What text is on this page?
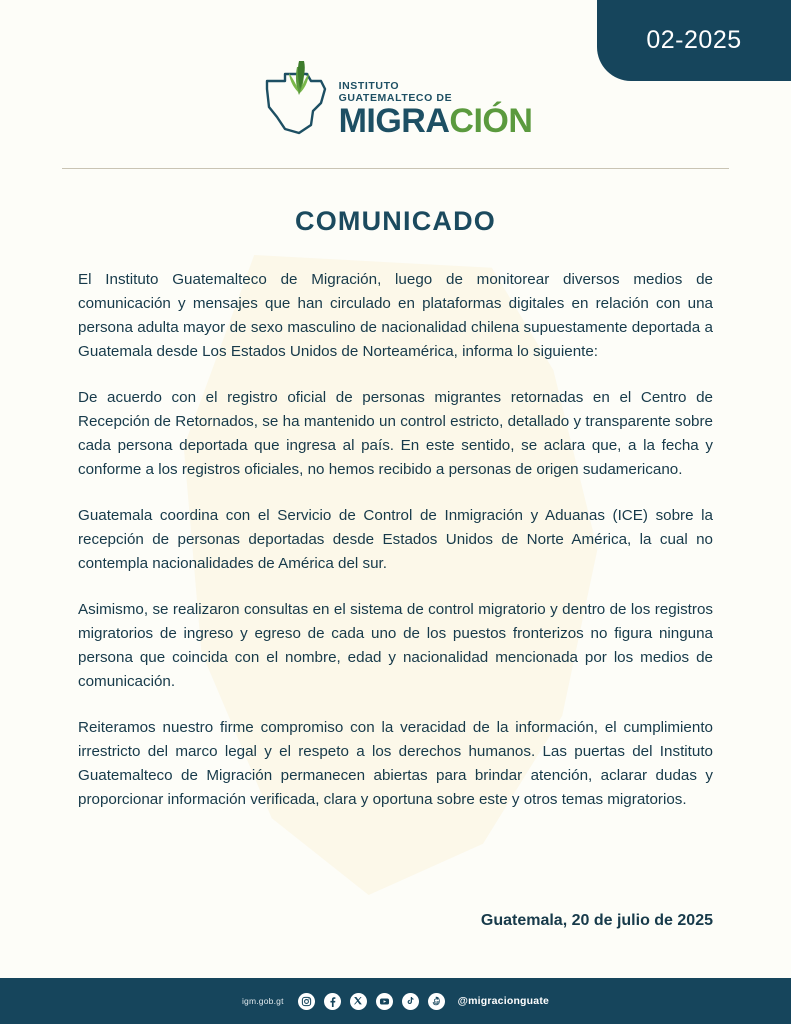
02-2025
INSTITUTO
GUATEMALTECO DE
MIGRACIÓN
COMUNICADO

El Instituto Guatemalteco de Migración, luego de monitorear diversos medios de comunicación y mensajes que han circulado en plataformas digitales en relación con una persona adulta mayor de sexo masculino de nacionalidad chilena supuestamente deportada a Guatemala desde Los Estados Unidos de Norteamérica, informa lo siguiente:

De acuerdo con el registro oficial de personas migrantes retornadas en el Centro de Recepción de Retornados, se ha mantenido un control estricto, detallado y transparente sobre cada persona deportada que ingresa al país. En este sentido, se aclara que, a la fecha y conforme a los registros oficiales, no hemos recibido a personas de origen sudamericano.

Guatemala coordina con el Servicio de Control de Inmigración y Aduanas (ICE) sobre la recepción de personas deportadas desde Estados Unidos de Norte América, la cual no contempla nacionalidades de América del sur.

Asimismo, se realizaron consultas en el sistema de control migratorio y dentro de los registros migratorios de ingreso y egreso de cada uno de los puestos fronterizos no figura ninguna persona que coincida con el nombre, edad y nacionalidad mencionada por los medios de comunicación.

Reiteramos nuestro firme compromiso con la veracidad de la información, el cumplimiento irrestricto del marco legal y el respeto a los derechos humanos. Las puertas del Instituto Guatemalteco de Migración permanecen abiertas para brindar atención, aclarar dudas y proporcionar información verificada, clara y oportuna sobre este y otros temas migratorios.

Guatemala, 20 de julio de 2025
igm.gob.gt	@migracionguate
